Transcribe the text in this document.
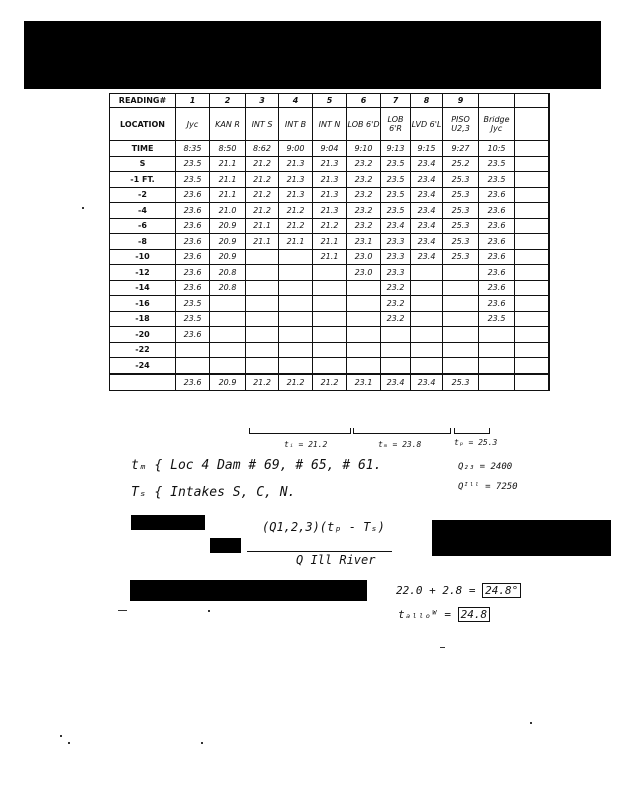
READING#	1	2	3	4	5	6	7	8	9			
LOCATION	Jyc	KAN R	INT S	INT B	INT N	LOB 6'D	LOB 6'R	LVD 6'L	PISO U2,3	Bridge Jyc		
TIME	8:35	8:50	8:62	9:00	9:04	9:10	9:13	9:15	9:27	10:5		
S	23.5	21.1	21.2	21.3	21.3	23.2	23.5	23.4	25.2	23.5		
-1 FT.	23.5	21.1	21.2	21.3	21.3	23.2	23.5	23.4	25.3	23.5		
-2	23.6	21.1	21.2	21.3	21.3	23.2	23.5	23.4	25.3	23.6		
-4	23.6	21.0	21.2	21.2	21.3	23.2	23.5	23.4	25.3	23.6		
-6	23.6	20.9	21.1	21.2	21.2	23.2	23.4	23.4	25.3	23.6		
-8	23.6	20.9	21.1	21.1	21.1	23.1	23.3	23.4	25.3	23.6		
-10	23.6	20.9			21.1	23.0	23.3	23.4	25.3	23.6		
-12	23.6	20.8				23.0	23.3			23.6		
-14	23.6	20.8					23.2			23.6		
-16	23.5						23.2			23.6		
-18	23.5						23.2			23.5		
-20	23.6											
-22												
-24												
	23.6	20.9	21.2	21.2	21.2	23.1	23.4	23.4	25.3			
tᵢ = 21.2	tₘ = 23.8	tₚ = 25.3
tₘ { Loc 4 Dam # 69, # 65, # 61.
Tₛ { Intakes S, C, N.
Q₂₃ = 2400
Qᴵˡˡ = 7250
(Q1,2,3)(tₚ - Tₛ)
Q Ill River
22.0 + 2.8 = 24.8°
tₐₗₗₒᵂ = 24.8
